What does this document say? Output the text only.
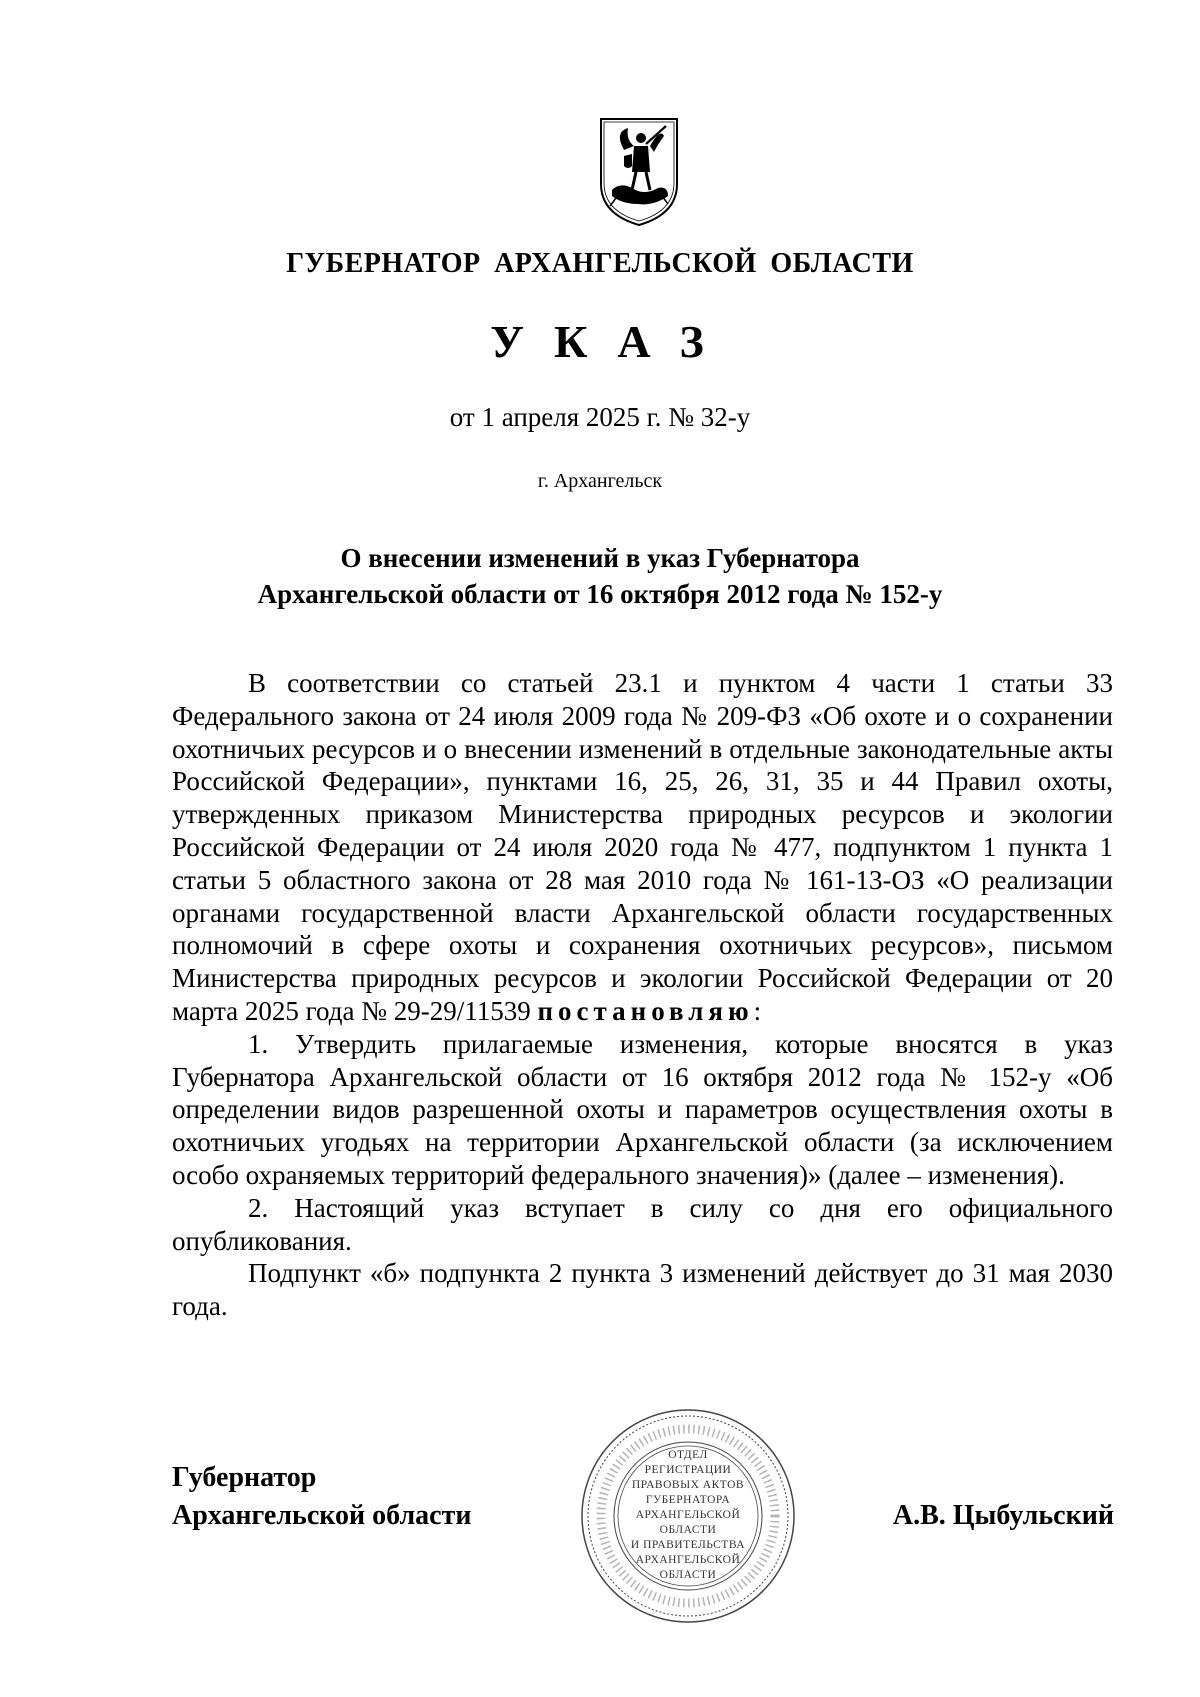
ГУБЕРНАТОР АРХАНГЕЛЬСКОЙ ОБЛАСТИ
УКАЗ
от 1 апреля 2025 г. № 32-у
г. Архангельск
О внесении изменений в указ Губернатора
Архангельской области от 16 октября 2012 года № 152-у

В соответствии со статьей 23.1 и пунктом 4 части 1 статьи 33 Федерального закона от 24 июля 2009 года № 209-ФЗ «Об охоте и о сохранении охотничьих ресурсов и о внесении изменений в отдельные законодательные акты Российской Федерации», пунктами 16, 25, 26, 31, 35 и 44 Правил охоты, утвержденных приказом Министерства природных ресурсов и экологии Российской Федерации от 24 июля 2020 года № 477, подпунктом 1 пункта 1 статьи 5 областного закона от 28 мая 2010 года № 161-13-ОЗ «О реализации органами государственной власти Архангельской области государственных полномочий в сфере охоты и сохранения охотничьих ресурсов», письмом Министерства природных ресурсов и экологии Российской Федерации от 20 марта 2025 года № 29-29/11539 постановляю:

1. Утвердить прилагаемые изменения, которые вносятся в указ Губернатора Архангельской области от 16 октября 2012 года № 152-у «Об определении видов разрешенной охоты и параметров осуществления охоты в охотничьих угодьях на территории Архангельской области (за исключением особо охраняемых территорий федерального значения)» (далее – изменения).

2. Настоящий указ вступает в силу со дня его официального опубликования.

Подпункт «б» подпункта 2 пункта 3 изменений действует до 31 мая 2030 года.

Губернатор
Архангельской области
ОТДЕЛ
РЕГИСТРАЦИИ
ПРАВОВЫХ АКТОВ
ГУБЕРНАТОРА
АРХАНГЕЛЬСКОЙ
ОБЛАСТИ
И ПРАВИТЕЛЬСТВА
АРХАНГЕЛЬСКОЙ
ОБЛАСТИ
А.В. Цыбульский
